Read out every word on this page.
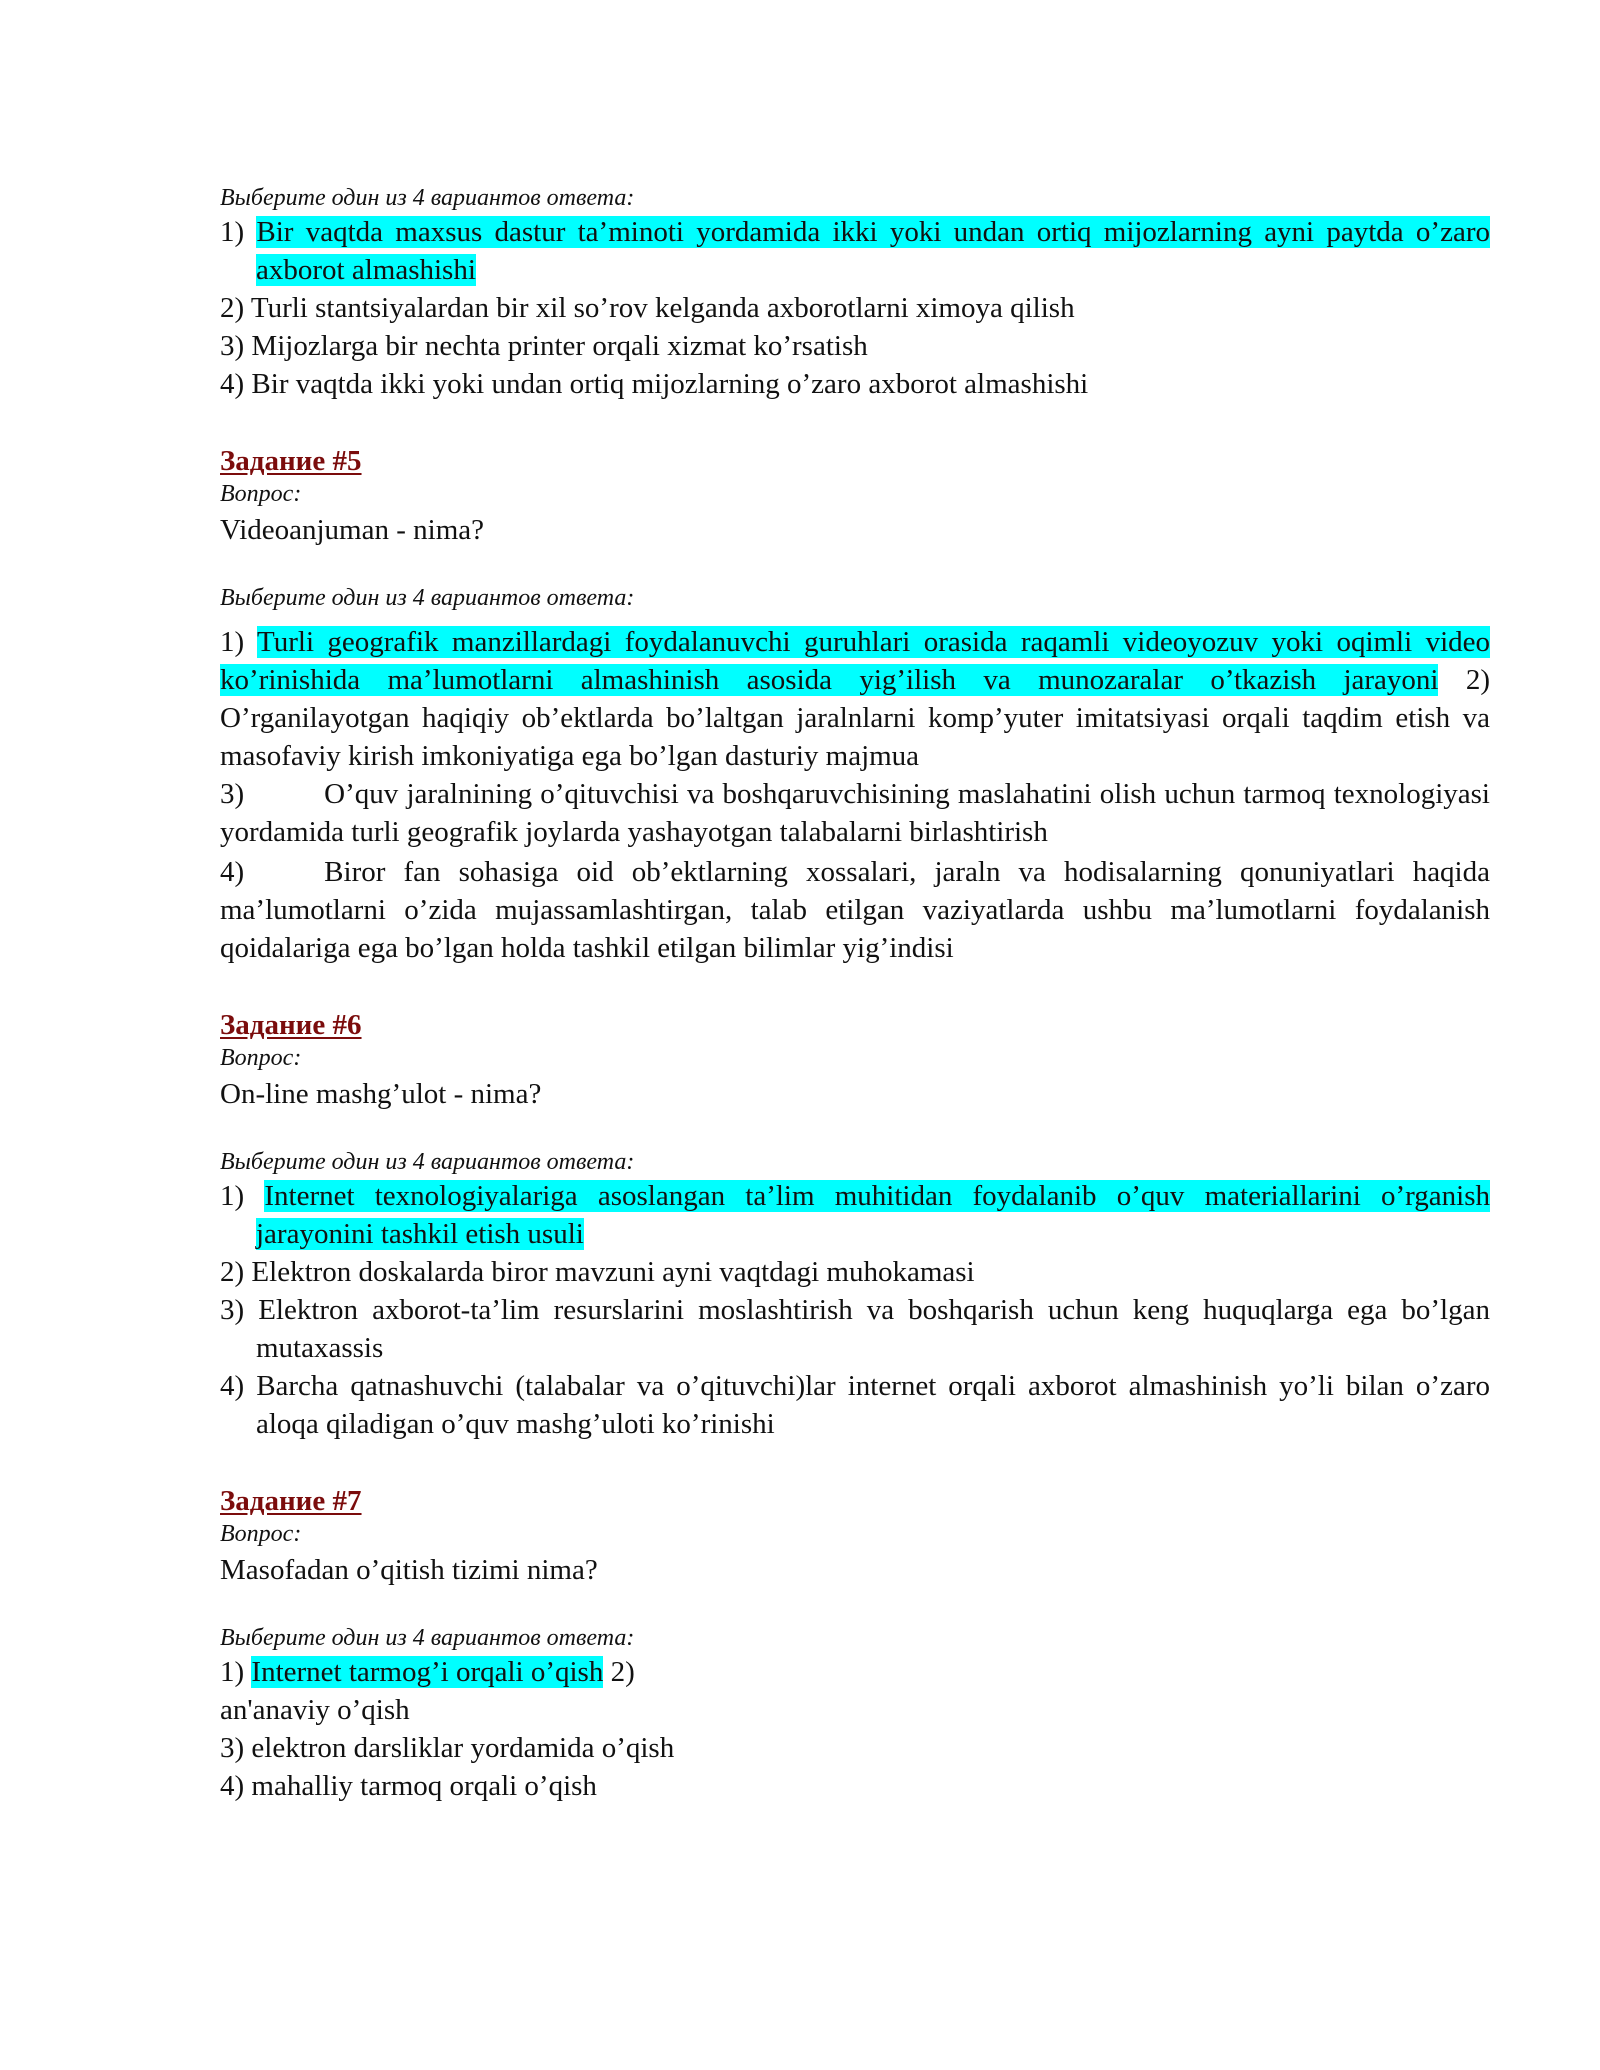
Выберите один из 4 вариантов ответа:

1) Bir vaqtda maxsus dastur ta’minoti yordamida ikki yoki undan ortiq mijozlarning ayni paytda o’zaro axborot almashishi
2) Turli stantsiyalardan bir xil so’rov kelganda axborotlarni ximoya qilish
3) Mijozlarga bir nechta printer orqali xizmat ko’rsatish
4) Bir vaqtda ikki yoki undan ortiq mijozlarning o’zaro axborot almashishi

Задание #5

Вопрос:

Videoanjuman - nima?

Выберите один из 4 вариантов ответа:

1) Turli geografik manzillardagi foydalanuvchi guruhlari orasida raqamli videoyozuv yoki oqimli video ko’rinishida ma’lumotlarni almashinish asosida yig’ilish va munozaralar o’tkazish jarayoni 2) O’rganilayotgan haqiqiy ob’ektlarda bo’laltgan jaralnlarni komp’yuter imitatsiyasi orqali taqdim etish va masofaviy kirish imkoniyatiga ega bo’lgan dasturiy majmua

3)	O’quv jaralnining o’qituvchisi va boshqaruvchisining maslahatini olish uchun tarmoq texnologiyasi yordamida turli geografik joylarda yashayotgan talabalarni birlashtirish

4)	Biror fan sohasiga oid ob’ektlarning xossalari, jaraln va hodisalarning qonuniyatlari haqida ma’lumotlarni o’zida mujassamlashtirgan, talab etilgan vaziyatlarda ushbu ma’lumotlarni foydalanish qoidalariga ega bo’lgan holda tashkil etilgan bilimlar yig’indisi

Задание #6

Вопрос:

On-line mashg’ulot - nima?

Выберите один из 4 вариантов ответа:

1) Internet texnologiyalariga asoslangan ta’lim muhitidan foydalanib o’quv materiallarini o’rganish jarayonini tashkil etish usuli
2) Elektron doskalarda biror mavzuni ayni vaqtdagi muhokamasi
3) Elektron axborot-ta’lim resurslarini moslashtirish va boshqarish uchun keng huquqlarga ega bo’lgan mutaxassis
4) Barcha qatnashuvchi (talabalar va o’qituvchi)lar internet orqali axborot almashinish yo’li bilan o’zaro aloqa qiladigan o’quv mashg’uloti ko’rinishi

Задание #7

Вопрос:

Masofadan o’qitish tizimi nima?

Выберите один из 4 вариантов ответа:

1) Internet tarmog’i orqali o’qish 2)
an'anaviy o’qish
3) elektron darsliklar yordamida o’qish
4) mahalliy tarmoq orqali o’qish
